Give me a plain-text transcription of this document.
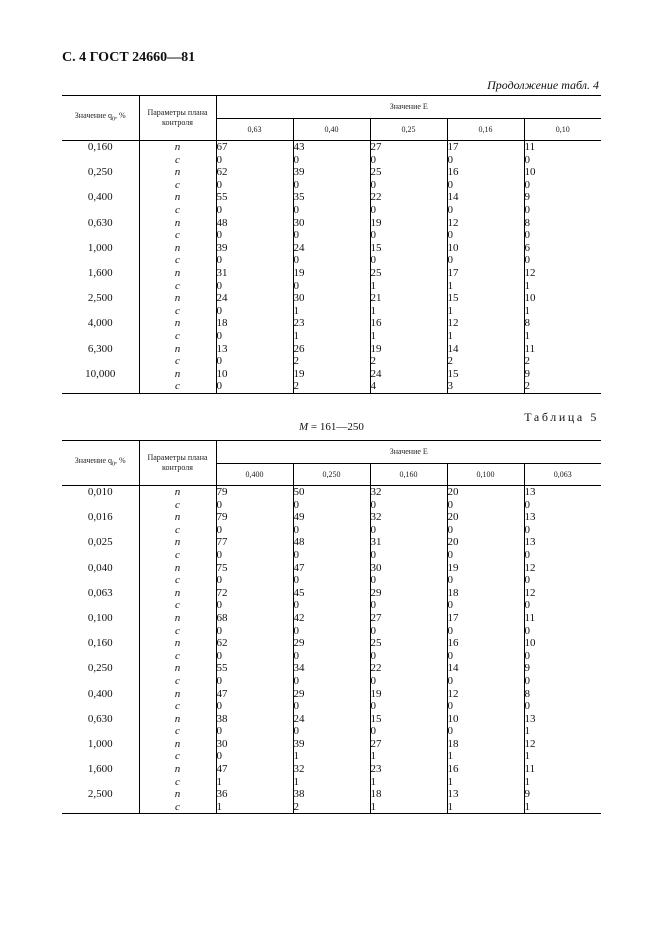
С. 4 ГОСТ 24660—81
Продолжение табл. 4
Значение $q_0$, %	Параметры плана контроля	Значение E				
		0,63	0,40	0,25	0,16	0,10
0,160	n	67	43	27	17	11
	c	0	0	0	0	0
0,250	n	62	39	25	16	10
	c	0	0	0	0	0
0,400	n	55	35	22	14	9
	c	0	0	0	0	0
0,630	n	48	30	19	12	8
	c	0	0	0	0	0
1,000	n	39	24	15	10	6
	c	0	0	0	0	0
1,600	n	31	19	25	17	12
	c	0	0	1	1	1
2,500	n	24	30	21	15	10
	c	0	1	1	1	1
4,000	n	18	23	16	12	8
	c	0	1	1	1	1
6,300	n	13	26	19	14	11
	c	0	2	2	2	2
10,000	n	10	19	24	15	9
	c	0	2	4	3	2
Таблица 5
M = 161—250
Значение $q_0$, %	Параметры плана контроля	Значение E				
		0,400	0,250	0,160	0,100	0,063
0,010	n	79	50	32	20	13
	c	0	0	0	0	0
0,016	n	79	49	32	20	13
	c	0	0	0	0	0
0,025	n	77	48	31	20	13
	c	0	0	0	0	0
0,040	n	75	47	30	19	12
	c	0	0	0	0	0
0,063	n	72	45	29	18	12
	c	0	0	0	0	0
0,100	n	68	42	27	17	11
	c	0	0	0	0	0
0,160	n	62	29	25	16	10
	c	0	0	0	0	0
0,250	n	55	34	22	14	9
	c	0	0	0	0	0
0,400	n	47	29	19	12	8
	c	0	0	0	0	0
0,630	n	38	24	15	10	13
	c	0	0	0	0	1
1,000	n	30	39	27	18	12
	c	0	1	1	1	1
1,600	n	47	32	23	16	11
	c	1	1	1	1	1
2,500	n	36	38	18	13	9
	c	1	2	1	1	1
